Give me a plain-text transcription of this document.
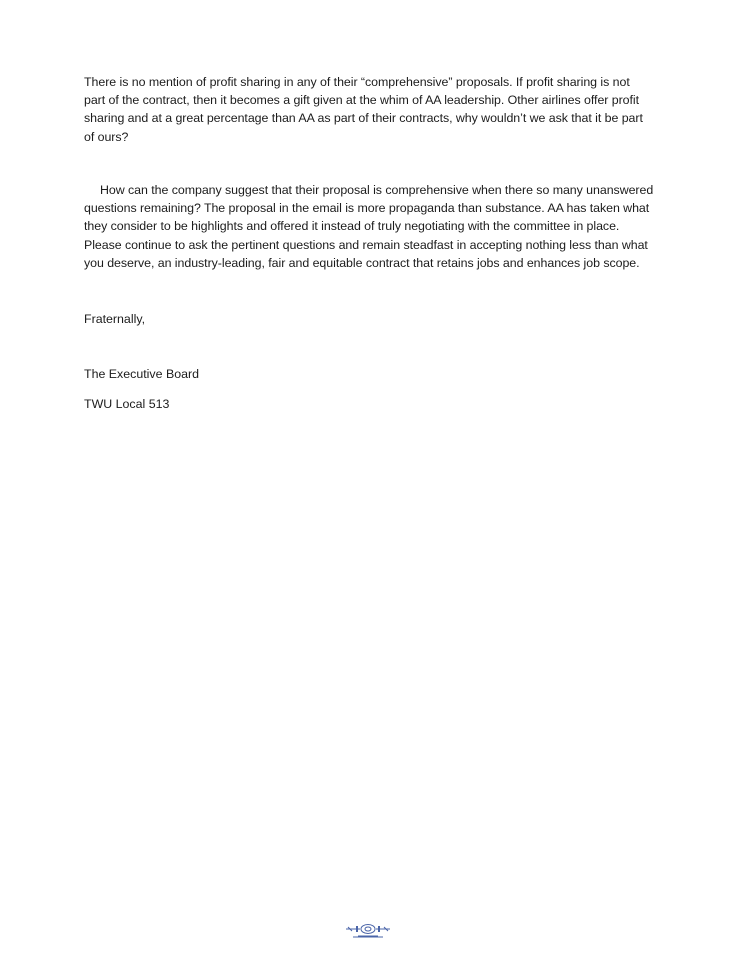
There is no mention of profit sharing in any of their “comprehensive” proposals. If profit sharing is not part of the contract, then it becomes a gift given at the whim of AA leadership. Other airlines offer profit sharing and at a great percentage than AA as part of their contracts, why wouldn’t we ask that it be part of ours?

How can the company suggest that their proposal is comprehensive when there so many unanswered questions remaining? The proposal in the email is more propaganda than substance. AA has taken what they consider to be highlights and offered it instead of truly negotiating with the committee in place. Please continue to ask the pertinent questions and remain steadfast in accepting nothing less than what you deserve, an industry-leading, fair and equitable contract that retains jobs and enhances job scope.

Fraternally,
The Executive Board
TWU Local 513
